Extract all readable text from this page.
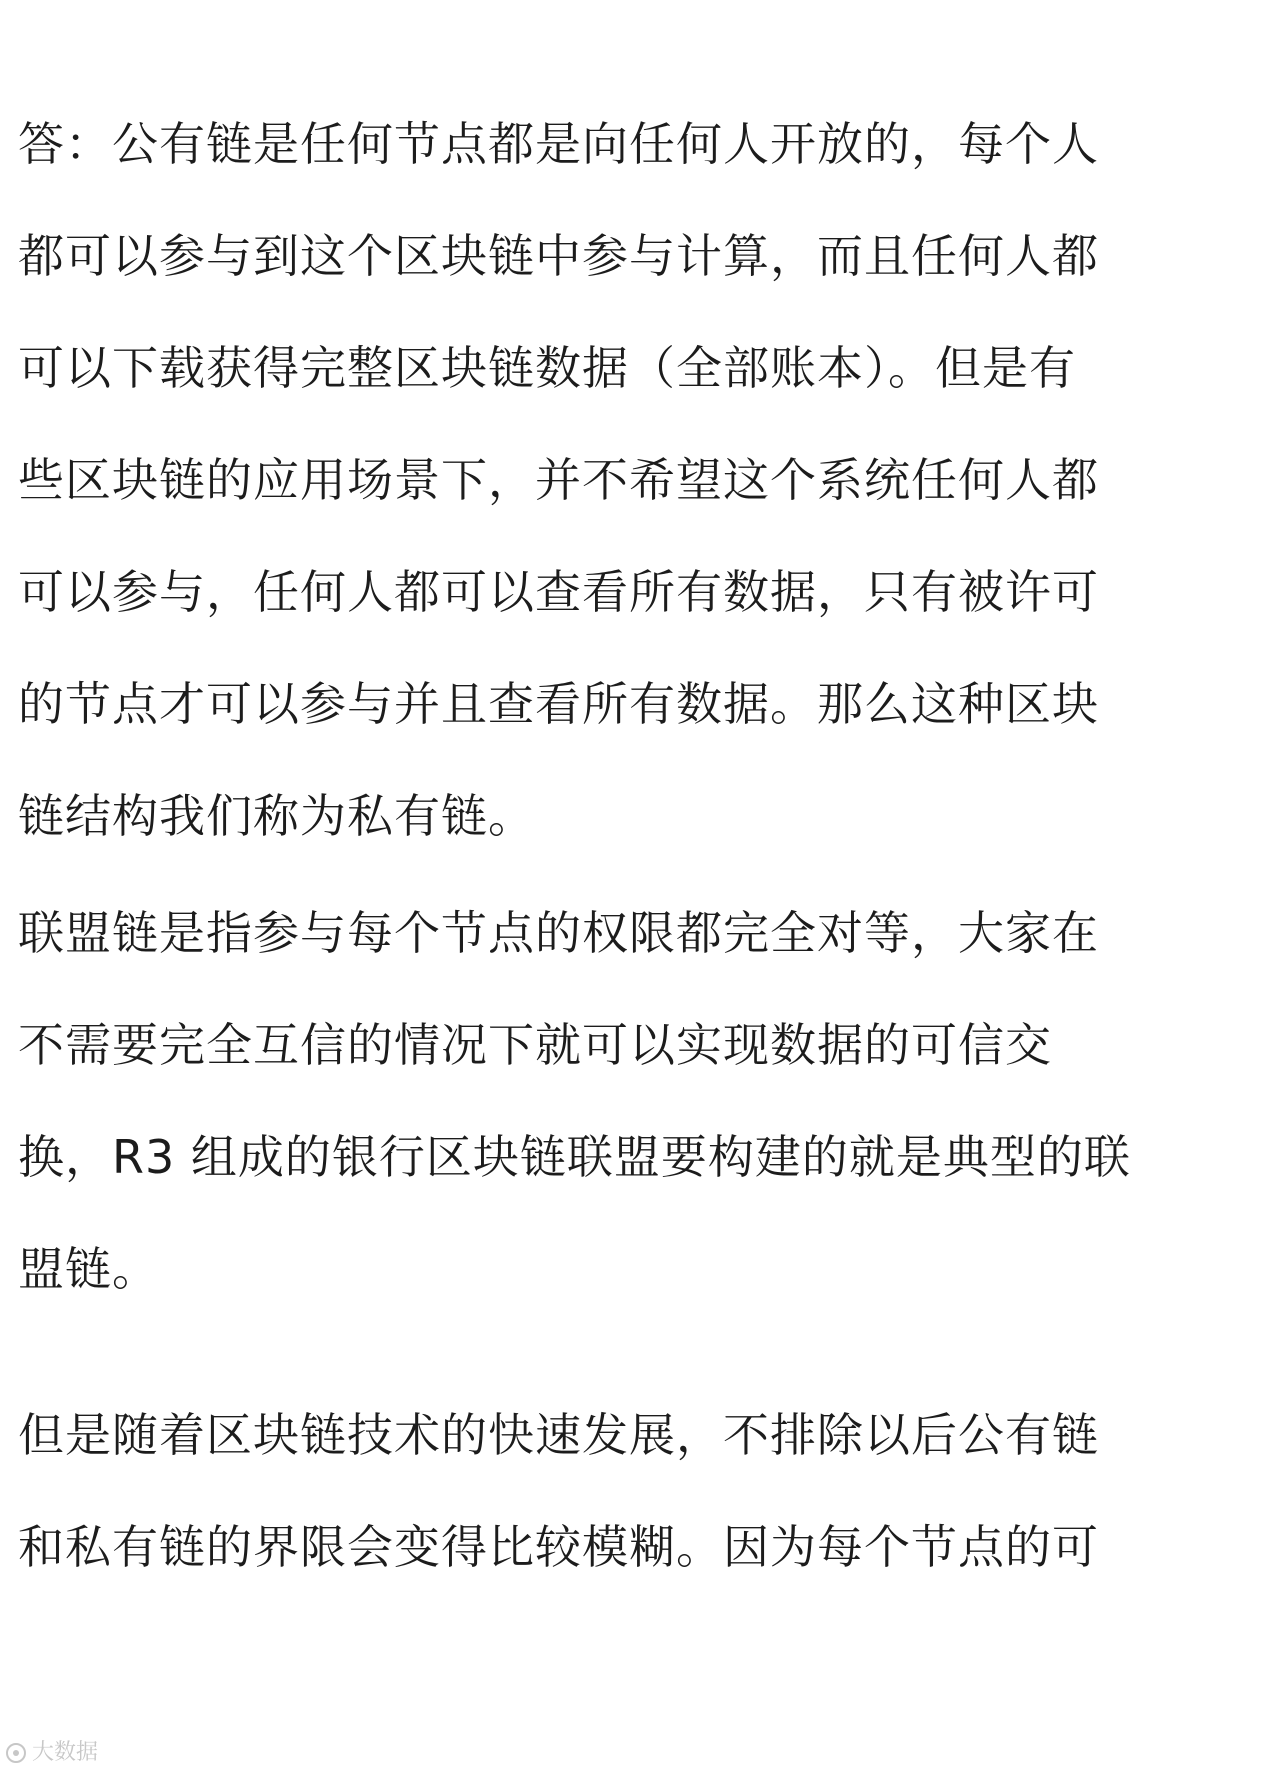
答：公有链是任何节点都是向任何人开放的，每个人
都可以参与到这个区块链中参与计算，而且任何人都
可以下载获得完整区块链数据（全部账本）。但是有
些区块链的应用场景下，并不希望这个系统任何人都
可以参与，任何人都可以查看所有数据，只有被许可
的节点才可以参与并且查看所有数据。那么这种区块
链结构我们称为私有链。
联盟链是指参与每个节点的权限都完全对等，大家在
不需要完全互信的情况下就可以实现数据的可信交
换，R3 组成的银行区块链联盟要构建的就是典型的联
盟链。
但是随着区块链技术的快速发展，不排除以后公有链
和私有链的界限会变得比较模糊。因为每个节点的可
大数据
